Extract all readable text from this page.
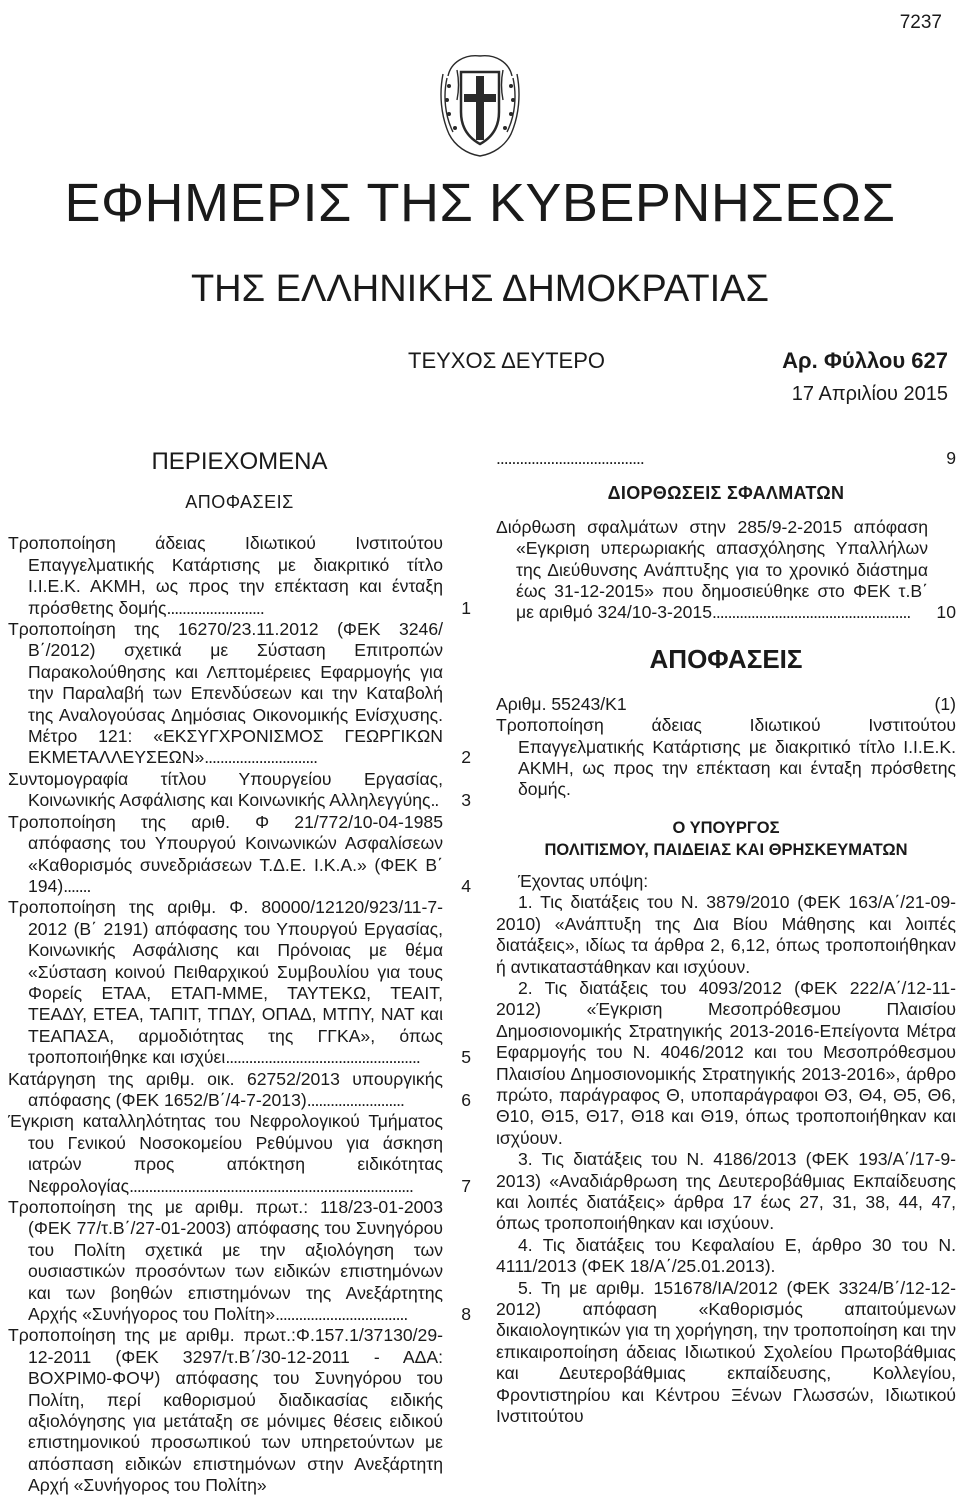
7237
ΕΦΗΜΕΡΙΣ ΤΗΣ ΚΥΒΕΡΝΗΣΕΩΣ
ΤΗΣ ΕΛΛΗΝΙΚΗΣ ΔΗΜΟΚΡΑΤΙΑΣ
ΤΕΥΧΟΣ ΔΕΥΤΕΡΟ	Αρ. Φύλλου 627
17 Απριλίου 2015
ΠΕΡΙΕΧΟΜΕΝΑ
ΑΠΟΦΑΣΕΙΣ
Τροποποίηση άδειας Ιδιωτικού Ινστιτούτου Επαγγελματικής Κατάρτισης με διακριτικό τίτλο Ι.Ι.Ε.Κ. ΑΚΜΗ, ως προς την επέκταση και ένταξη πρόσθετης δομής.........................	1
Τροποποίηση της 16270/23.11.2012 (ΦΕΚ 3246/Β΄/2012) σχετικά με Σύσταση Επιτροπών Παρακολούθησης και Λεπτομέρειες Εφαρμογής για την Παραλαβή των Επενδύσεων και την Καταβολή της Αναλογούσας Δημόσιας Οικονομικής Ενίσχυσης. Μέτρο 121: «ΕΚΣΥΓΧΡΟΝΙΣΜΟΣ ΓΕΩΡΓΙΚΩΝ ΕΚΜΕΤΑΛΛΕΥΣΕΩΝ».............................	2
Συντομογραφία τίτλου Υπουργείου Εργασίας, Κοινωνικής Ασφάλισης και Κοινωνικής Αλληλεγγύης.. 3
Τροποποίηση της αριθ. Φ 21/772/10-04-1985 απόφασης του Υπουργού Κοινωνικών Ασφαλίσεων «Καθορισμός συνεδριάσεων Τ.Δ.Ε. Ι.Κ.Α.» (ΦΕΚ Β΄ 194).......	4
Τροποποίηση της αριθμ. Φ. 80000/12120/923/11-7-2012 (Β΄ 2191) απόφασης του Υπουργού Εργασίας, Κοινωνικής Ασφάλισης και Πρόνοιας με θέμα «Σύσταση κοινού Πειθαρχικού Συμβουλίου για τους Φορείς ΕΤΑΑ, ΕΤΑΠ-ΜΜΕ, ΤΑΥΤΕΚΩ, ΤΕΑΙΤ, ΤΕΑΔΥ, ΕΤΕΑ, ΤΑΠΙΤ, ΤΠΔΥ, ΟΠΑΔ, ΜΤΠΥ, ΝΑΤ και ΤΕΑΠΑΣΑ, αρμοδιότητας της ΓΓΚΑ», όπως τροποποιήθηκε και ισχύει.................................................. 5
Κατάργηση της αριθμ. οικ. 62752/2013 υπουργικής απόφασης (ΦΕΚ 1652/Β΄/4-7-2013).........................	6
Έγκριση καταλληλότητας του Νεφρολογικού Τμήματος του Γενικού Νοσοκομείου Ρεθύμνου για άσκηση ιατρών προς απόκτηση ειδικότητας Νεφρολογίας.........................................................................	7
Τροποποίηση της με αριθμ. πρωτ.: 118/23-01-2003 (ΦΕΚ 77/τ.Β΄/27-01-2003) απόφασης του Συνηγόρου του Πολίτη σχετικά με την αξιολόγηση των ουσιαστικών προσόντων των ειδικών επιστημόνων και των βοηθών επιστημόνων της Ανεξάρτητης Αρχής «Συνήγορος του Πολίτη»..................................	8
Τροποποίηση της με αριθμ. πρωτ.:Φ.157.1/37130/29-12-2011 (ΦΕΚ 3297/τ.Β΄/30-12-2011 - ΑΔΑ: ΒΟΧΡΙΜ0-ΦΟΨ) απόφασης του Συνηγόρου του Πολίτη, περί καθορισμού διαδικασίας ειδικής αξιολόγησης για μετάταξη σε μόνιμες θέσεις ειδικού επιστημονικού προσωπικού των υπηρετούντων με απόσπαση ειδικών επιστημόνων στην Ανεξάρτητη Αρχή «Συνήγορος του Πολίτη»
......................................	9
ΔΙΟΡΘΩΣΕΙΣ ΣΦΑΛΜΑΤΩΝ
Διόρθωση σφαλμάτων στην 285/9-2-2015 απόφαση «Εγκριση υπερωριακής απασχόλησης Υπαλλήλων της Διεύθυνσης Ανάπτυξης για το χρονικό διάστημα έως 31-12-2015» που δημοσιεύθηκε στο ΦΕΚ τ.Β΄ με αριθμό 324/10-3-2015................................................... 10
ΑΠΟΦΑΣΕΙΣ
Αριθμ. 55243/Κ1	(1)
Τροποποίηση άδειας Ιδιωτικού Ινστιτούτου Επαγγελματικής Κατάρτισης με διακριτικό τίτλο Ι.Ι.Ε.Κ. ΑΚΜΗ, ως προς την επέκταση και ένταξη πρόσθετης δομής.
Ο ΥΠΟΥΡΓΟΣ
ΠΟΛΙΤΙΣΜΟΥ, ΠΑΙΔΕΙΑΣ ΚΑΙ ΘΡΗΣΚΕΥΜΑΤΩΝ
Έχοντας υπόψη:
1. Τις διατάξεις του Ν. 3879/2010 (ΦΕΚ 163/Α΄/21-09-2010) «Ανάπτυξη της Δια Βίου Μάθησης και λοιπές διατάξεις», ιδίως τα άρθρα 2, 6,12, όπως τροποποιήθηκαν ή αντικαταστάθηκαν και ισχύουν.
2. Τις διατάξεις του 4093/2012 (ΦΕΚ 222/Α΄/12-11-2012) «Έγκριση Μεσοπρόθεσμου Πλαισίου Δημοσιονομικής Στρατηγικής 2013-2016-Επείγοντα Μέτρα Εφαρμογής του Ν. 4046/2012 και του Μεσοπρόθεσμου Πλαισίου Δημοσιονομικής Στρατηγικής 2013-2016», άρθρο πρώτο, παράγραφος Θ, υποπαράγραφοι Θ3, Θ4, Θ5, Θ6, Θ10, Θ15, Θ17, Θ18 και Θ19, όπως τροποποιήθηκαν και ισχύουν.
3. Τις διατάξεις του Ν. 4186/2013 (ΦΕΚ 193/Α΄/17-9-2013) «Αναδιάρθρωση της Δευτεροβάθμιας Εκπαίδευσης και λοιπές διατάξεις» άρθρα 17 έως 27, 31, 38, 44, 47, όπως τροποποιήθηκαν και ισχύουν.
4. Τις διατάξεις του Κεφαλαίου Ε, άρθρο 30 του Ν. 4111/2013 (ΦΕΚ 18/Α΄/25.01.2013).
5. Τη με αριθμ. 151678/ΙΑ/2012 (ΦΕΚ 3324/Β΄/12-12-2012) απόφαση «Καθορισμός απαιτούμενων δικαιολογητικών για τη χορήγηση, την τροποποίηση και την επικαιροποίηση άδειας Ιδιωτικού Σχολείου Πρωτοβάθμιας και Δευτεροβάθμιας εκπαίδευσης, Κολλεγίου, Φροντιστηρίου και Κέντρου Ξένων Γλωσσών, Ιδιωτικού Ινστιτούτου
